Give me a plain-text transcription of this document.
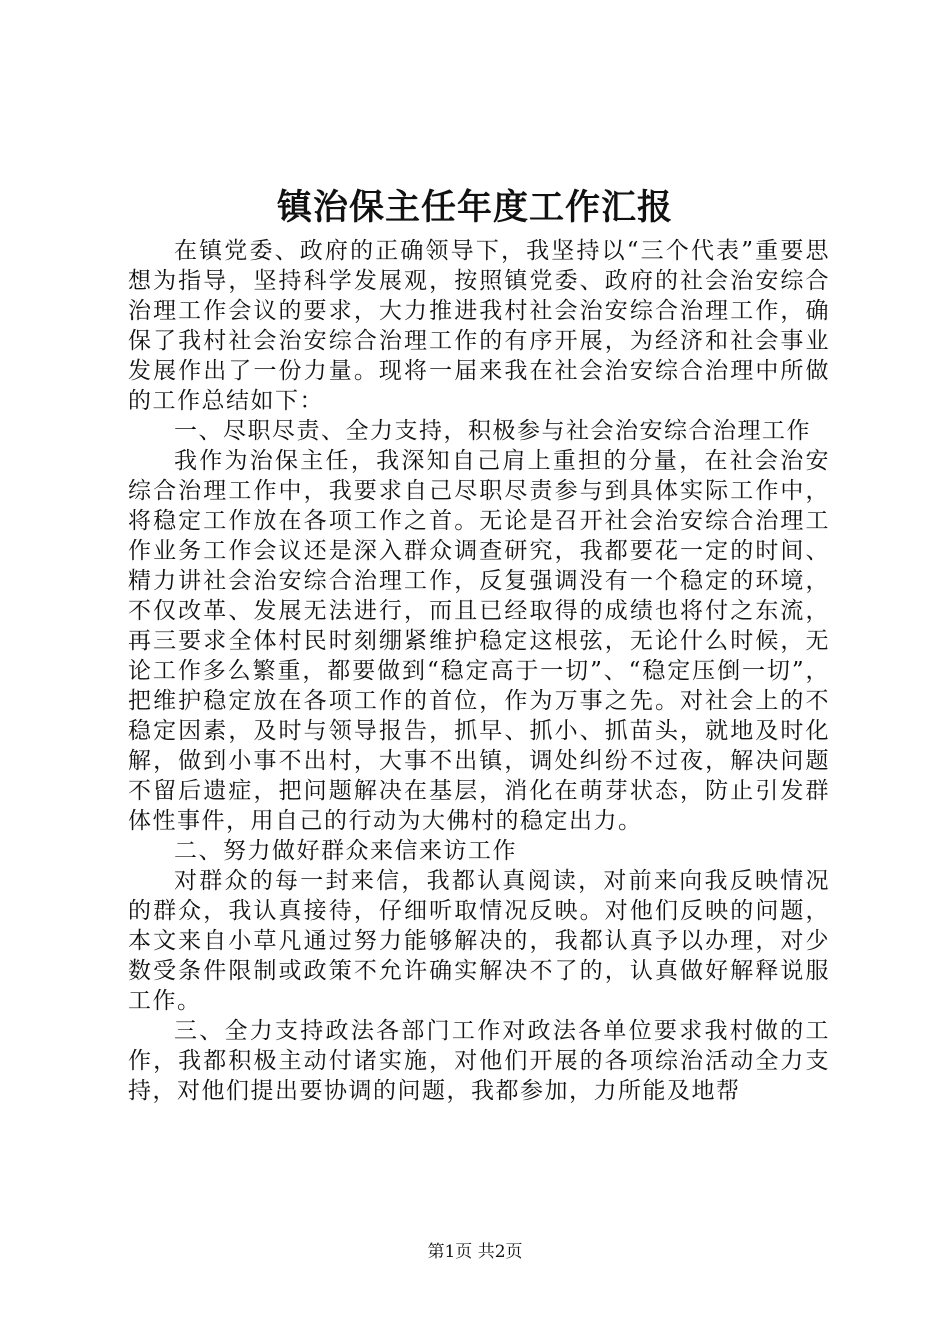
镇治保主任年度工作汇报

在镇党委、政府的正确领导下，我坚持以“三个代表”重要思想为指导，坚持科学发展观，按照镇党委、政府的社会治安综合治理工作会议的要求，大力推进我村社会治安综合治理工作，确保了我村社会治安综合治理工作的有序开展，为经济和社会事业发展作出了一份力量。现将一届来我在社会治安综合治理中所做的工作总结如下：

一、尽职尽责、全力支持，积极参与社会治安综合治理工作

我作为治保主任，我深知自己肩上重担的分量，在社会治安综合治理工作中，我要求自己尽职尽责参与到具体实际工作中，将稳定工作放在各项工作之首。无论是召开社会治安综合治理工作业务工作会议还是深入群众调查研究，我都要花一定的时间、精力讲社会治安综合治理工作，反复强调没有一个稳定的环境，不仅改革、发展无法进行，而且已经取得的成绩也将付之东流，再三要求全体村民时刻绷紧维护稳定这根弦，无论什么时候，无论工作多么繁重，都要做到“稳定高于一切”、“稳定压倒一切”，把维护稳定放在各项工作的首位，作为万事之先。对社会上的不稳定因素，及时与领导报告，抓早、抓小、抓苗头，就地及时化解，做到小事不出村，大事不出镇，调处纠纷不过夜，解决问题不留后遗症，把问题解决在基层，消化在萌芽状态，防止引发群体性事件，用自己的行动为大佛村的稳定出力。

二、努力做好群众来信来访工作

对群众的每一封来信，我都认真阅读，对前来向我反映情况的群众，我认真接待，仔细听取情况反映。对他们反映的问题，本文来自小草凡通过努力能够解决的，我都认真予以办理，对少数受条件限制或政策不允许确实解决不了的，认真做好解释说服工作。

三、全力支持政法各部门工作对政法各单位要求我村做的工作，我都积极主动付诸实施，对他们开展的各项综治活动全力支持，对他们提出要协调的问题，我都参加，力所能及地帮

第1页 共2页
